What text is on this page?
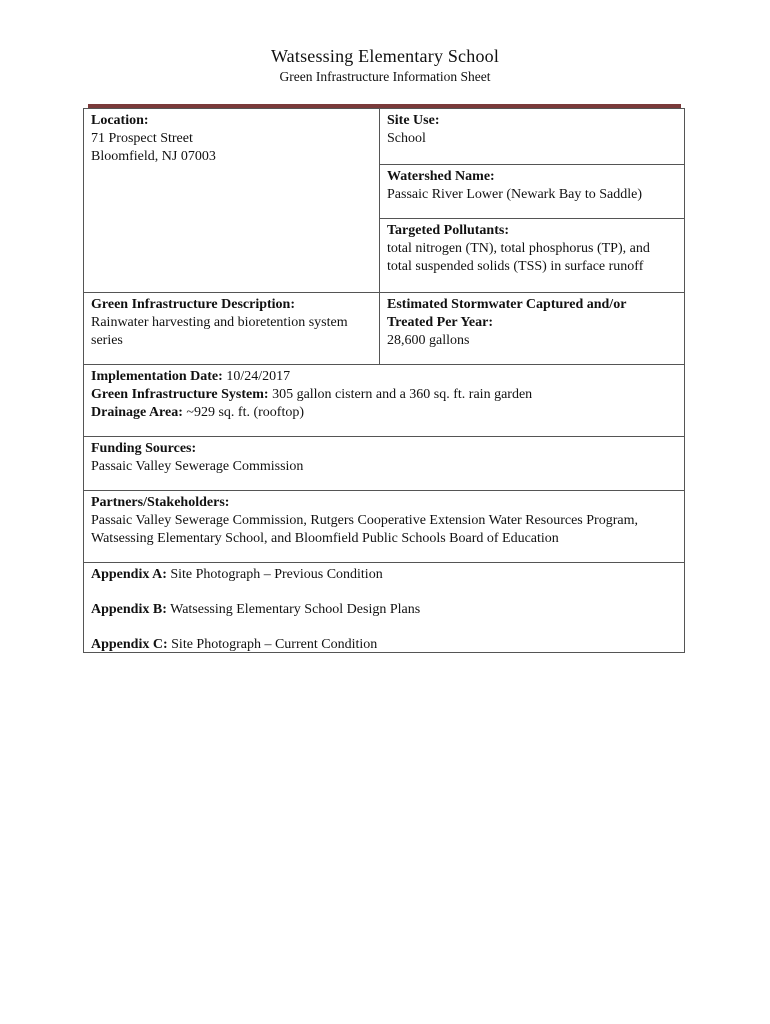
Watsessing Elementary School
Green Infrastructure Information Sheet
Location:
71 Prospect Street
Bloomfield, NJ 07003
Site Use:
School
Watershed Name:
Passaic River Lower (Newark Bay to Saddle)
Targeted Pollutants:
total nitrogen (TN), total phosphorus (TP), and
total suspended solids (TSS) in surface runoff
Green Infrastructure Description:
Rainwater harvesting and bioretention system
series
Estimated Stormwater Captured and/or
Treated Per Year:
28,600 gallons
Implementation Date: 10/24/2017
Green Infrastructure System: 305 gallon cistern and a 360 sq. ft. rain garden
Drainage Area: ~929 sq. ft. (rooftop)
Funding Sources:
Passaic Valley Sewerage Commission
Partners/Stakeholders:
Passaic Valley Sewerage Commission, Rutgers Cooperative Extension Water Resources Program,
Watsessing Elementary School, and Bloomfield Public Schools Board of Education
Appendix A: Site Photograph – Previous Condition
Appendix B: Watsessing Elementary School Design Plans
Appendix C: Site Photograph – Current Condition
